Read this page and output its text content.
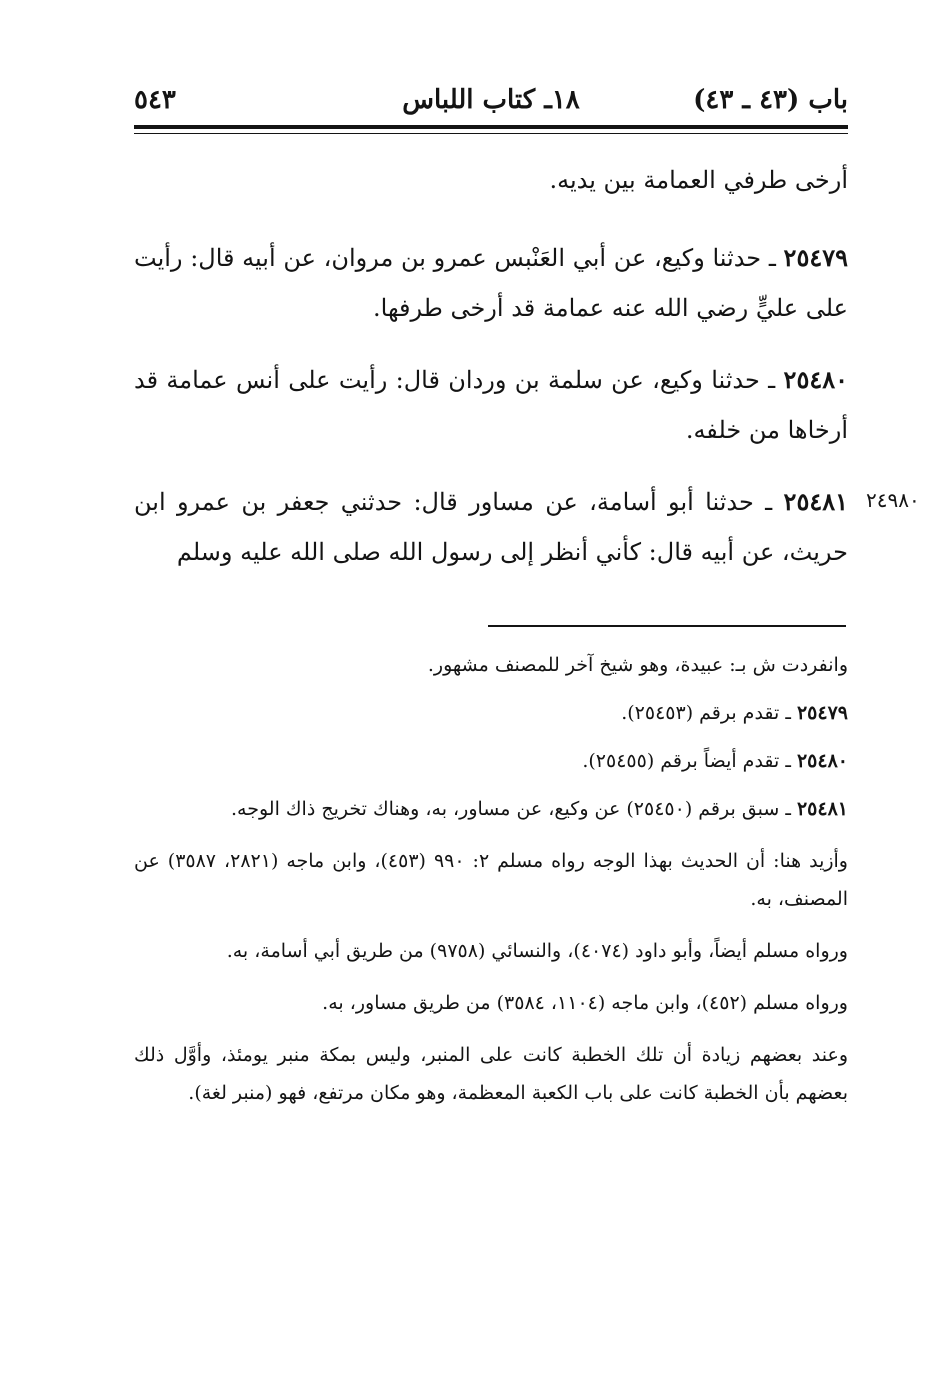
باب (٤٣ ـ ٤٣)
١٨ـ كتاب اللباس
٥٤٣
٢٤٩٨٠

أرخى طرفي العمامة بين يديه.

٢٥٤٧٩ ـ حدثنا وكيع، عن أبي العَنْبس عمرو بن مروان، عن أبيه قال: رأيت على عليٍّ رضي الله عنه عمامة قد أرخى طرفها.

٢٥٤٨٠ ـ حدثنا وكيع، عن سلمة بن وردان قال: رأيت على أنس عمامة قد أرخاها من خلفه.

٢٥٤٨١ ـ حدثنا أبو أسامة، عن مساور قال: حدثني جعفر بن عمرو ابن حريث، عن أبيه قال: كأني أنظر إلى رسول الله صلى الله عليه وسلم

وانفردت ش بـ: عبيدة، وهو شيخ آخر للمصنف مشهور.

٢٥٤٧٩ ـ تقدم برقم (٢٥٤٥٣).

٢٥٤٨٠ ـ تقدم أيضاً برقم (٢٥٤٥٥).

٢٥٤٨١ ـ سبق برقم (٢٥٤٥٠) عن وكيع، عن مساور، به، وهناك تخريج ذاك الوجه.

وأزيد هنا: أن الحديث بهذا الوجه رواه مسلم ٢: ٩٩٠ (٤٥٣)، وابن ماجه (٢٨٢١، ٣٥٨٧) عن المصنف، به.

ورواه مسلم أيضاً، وأبو داود (٤٠٧٤)، والنسائي (٩٧٥٨) من طريق أبي أسامة، به.

ورواه مسلم (٤٥٢)، وابن ماجه (١١٠٤، ٣٥٨٤) من طريق مساور، به.

وعند بعضهم زيادة أن تلك الخطبة كانت على المنبر، وليس بمكة منبر يومئذ، وأوَّل ذلك بعضهم بأن الخطبة كانت على باب الكعبة المعظمة، وهو مكان مرتفع، فهو (منبر لغة).
